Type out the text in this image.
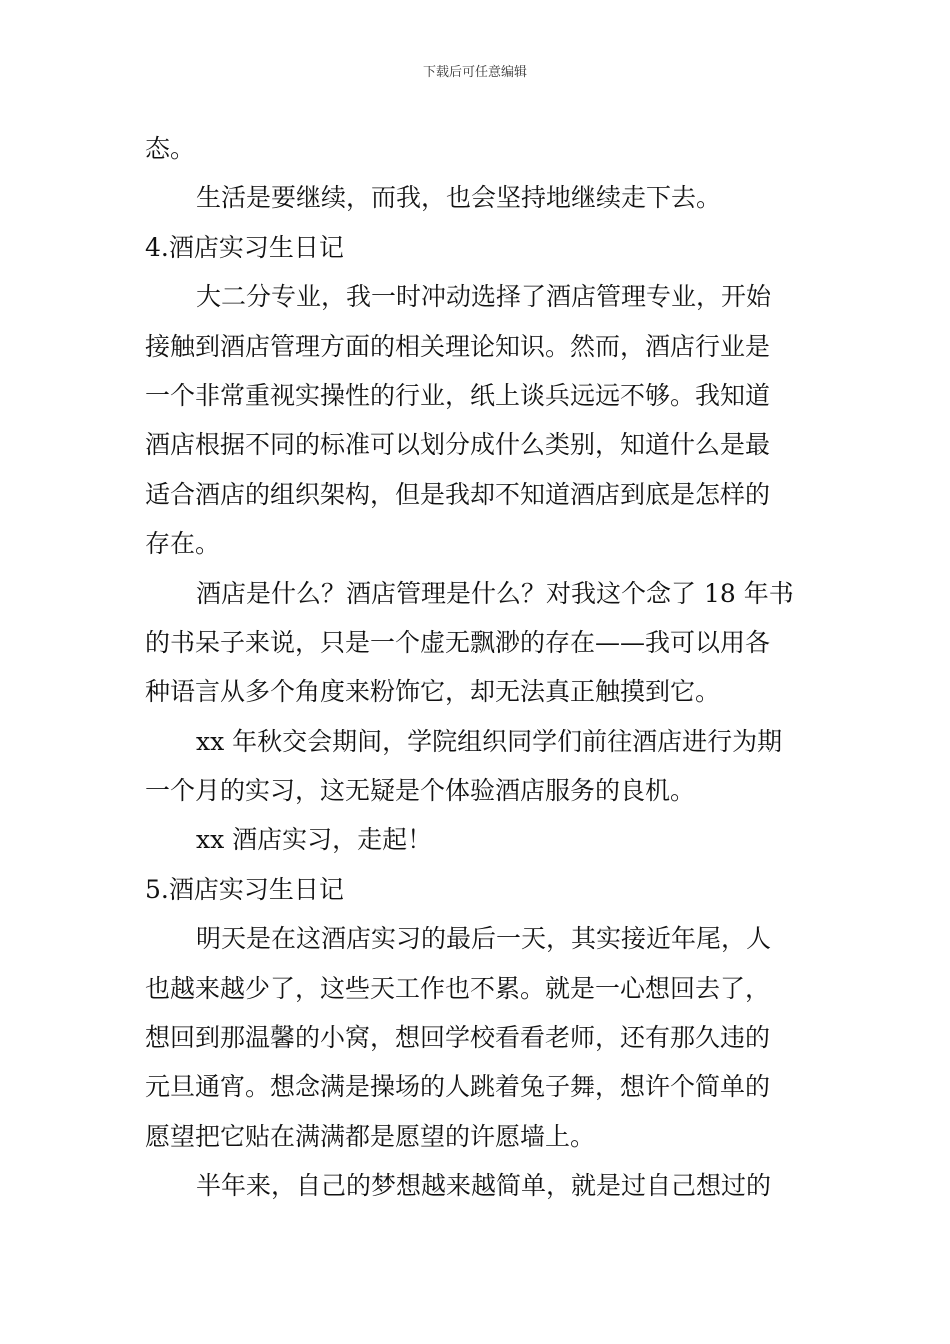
下载后可任意编辑
态。
生活是要继续，而我，也会坚持地继续走下去。
4.酒店实习生日记
大二分专业，我一时冲动选择了酒店管理专业，开始
接触到酒店管理方面的相关理论知识。然而，酒店行业是
一个非常重视实操性的行业，纸上谈兵远远不够。我知道
酒店根据不同的标准可以划分成什么类别，知道什么是最
适合酒店的组织架构，但是我却不知道酒店到底是怎样的
存在。
酒店是什么？酒店管理是什么？对我这个念了 18 年书
的书呆子来说，只是一个虚无飘渺的存在——我可以用各
种语言从多个角度来粉饰它，却无法真正触摸到它。
xx 年秋交会期间，学院组织同学们前往酒店进行为期
一个月的实习，这无疑是个体验酒店服务的良机。
xx 酒店实习，走起！
5.酒店实习生日记
明天是在这酒店实习的最后一天，其实接近年尾，人
也越来越少了，这些天工作也不累。就是一心想回去了，
想回到那温馨的小窝，想回学校看看老师，还有那久违的
元旦通宵。想念满是操场的人跳着兔子舞，想许个简单的
愿望把它贴在满满都是愿望的许愿墙上。
半年来，自己的梦想越来越简单，就是过自己想过的
